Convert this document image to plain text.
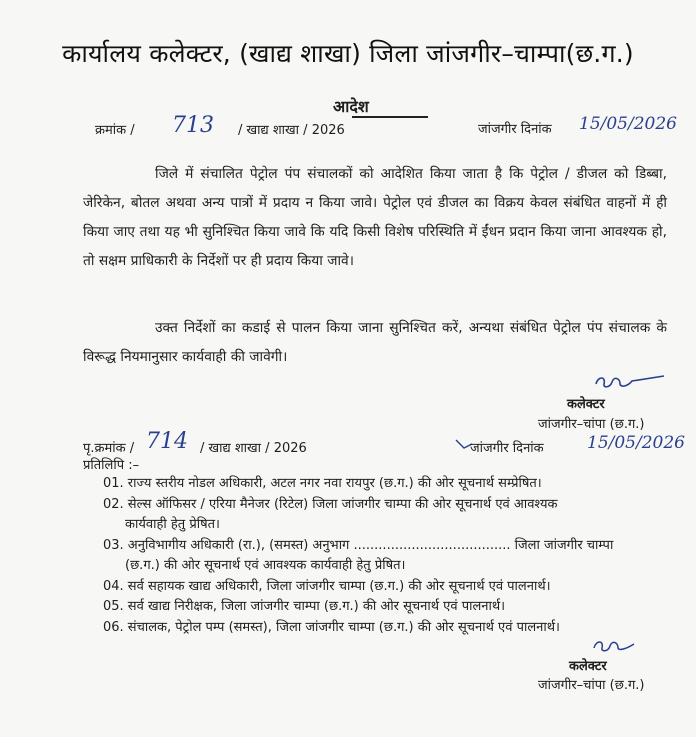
कार्यालय कलेक्टर, (खाद्य शाखा) जिला जांजगीर–चाम्पा(छ.ग.)
आदेश
क्रमांक / 713 / खाद्य शाखा / 2026	जांजगीर दिनांक 15/05/2026
जिले में संचालित पेट्रोल पंप संचालकों को आदेशित किया जाता है कि पेट्रोल / डीजल को डिब्बा, जेरिकेन, बोतल अथवा अन्य पात्रों में प्रदाय न किया जावे। पेट्रोल एवं डीजल का विक्रय केवल संबंधित वाहनों में ही किया जाए तथा यह भी सुनिश्चित किया जावे कि यदि किसी विशेष परिस्थिति में ईंधन प्रदान किया जाना आवश्यक हो, तो सक्षम प्राधिकारी के निर्देशों पर ही प्रदाय किया जावे।
उक्त निर्देशों का कडाई से पालन किया जाना सुनिश्चित करें, अन्यथा संबंधित पेट्रोल पंप संचालक के विरूद्ध नियमानुसार कार्यवाही की जावेगी।
कलेक्टर
जांजगीर–चांपा (छ.ग.)
पृ.क्रमांक / 714 / खाद्य शाखा / 2026	जांजगीर दिनांक	15/05/2026
प्रतिलिपि :–
01. राज्य स्तरीय नोडल अधिकारी, अटल नगर नवा रायपुर (छ.ग.) की ओर सूचनार्थ सम्प्रेषित।
02. सेल्स ऑफिसर / एरिया मैनेजर (रिटेल) जिला जांजगीर चाम्पा की ओर सूचनार्थ एवं आवश्यक
कार्यवाही हेतु प्रेषित।
03. अनुविभागीय अधिकारी (रा.), (समस्त) अनुभाग ...................................... जिला जांजगीर चाम्पा
(छ.ग.) की ओर सूचनार्थ एवं आवश्यक कार्यवाही हेतु प्रेषित।
04. सर्व सहायक खाद्य अधिकारी, जिला जांजगीर चाम्पा (छ.ग.) की ओर सूचनार्थ एवं पालनार्थ।
05. सर्व खाद्य निरीक्षक, जिला जांजगीर चाम्पा (छ.ग.) की ओर सूचनार्थ एवं पालनार्थ।
06. संचालक, पेट्रोल पम्प (समस्त), जिला जांजगीर चाम्पा (छ.ग.) की ओर सूचनार्थ एवं पालनार्थ।
कलेक्टर
जांजगीर–चांपा (छ.ग.)
